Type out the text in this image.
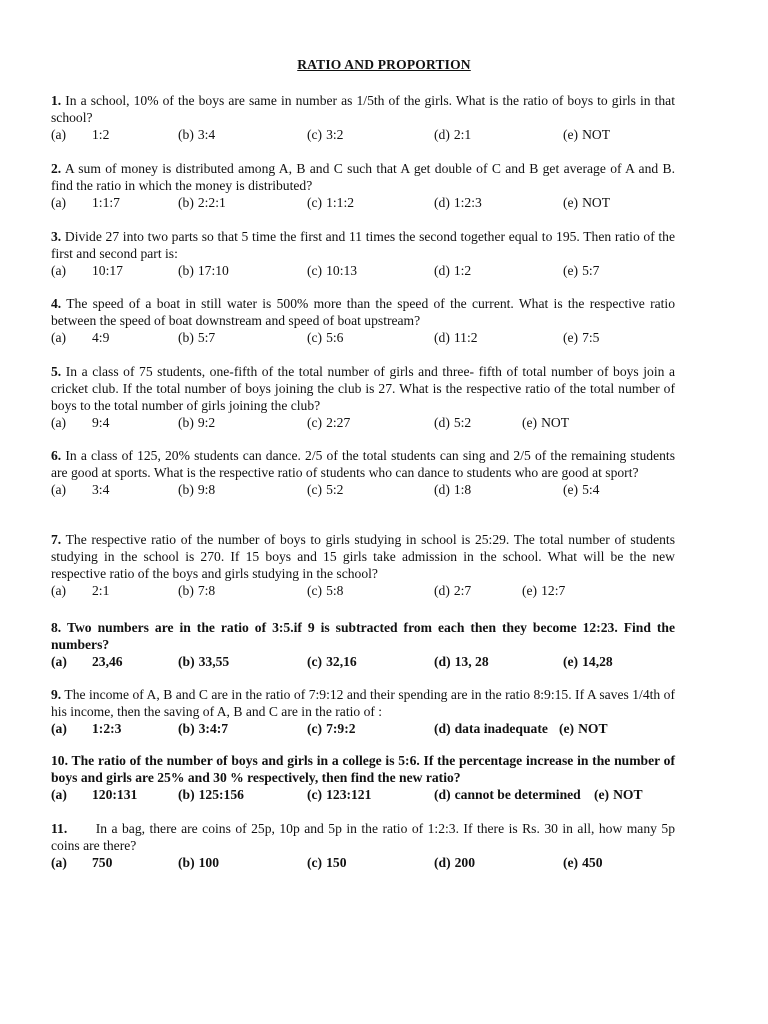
RATIO AND PROPORTION
1. In a school, 10% of the boys are same in number as 1/5th of the girls. What is the ratio of boys to girls in that school?
(a) 1:2	(b) 3:4	(c) 3:2	(d) 2:1	(e) NOT
2. A sum of money is distributed among A, B and C such that A get double of C and B get average of A and B. find the ratio in which the money is distributed?
(a) 1:1:7	(b) 2:2:1	(c) 1:1:2	(d) 1:2:3	(e) NOT
3. Divide 27 into two parts so that 5 time the first and 11 times the second together equal to 195. Then ratio of the first and second part is:
(a) 10:17	(b) 17:10	(c) 10:13	(d) 1:2	(e) 5:7
4. The speed of a boat in still water is 500% more than the speed of the current. What is the respective ratio between the speed of boat downstream and speed of boat upstream?
(a) 4:9	(b) 5:7	(c) 5:6	(d) 11:2	(e) 7:5
5. In a class of 75 students, one-fifth of the total number of girls and three- fifth of total number of boys join a cricket club. If the total number of boys joining the club is 27. What is the respective ratio of the total number of boys to the total number of girls joining the club?
(a) 9:4	(b) 9:2	(c) 2:27	(d) 5:2	(e) NOT
6. In a class of 125, 20% students can dance. 2/5 of the total students can sing and 2/5 of the remaining students are good at sports. What is the respective ratio of students who can dance to students who are good at sport?
(a) 3:4	(b) 9:8	(c) 5:2	(d) 1:8	(e) 5:4
7. The respective ratio of the number of boys to girls studying in school is 25:29. The total number of students studying in the school is 270. If 15 boys and 15 girls take admission in the school. What will be the new respective ratio of the boys and girls studying in the school?
(a) 2:1	(b) 7:8	(c) 5:8	(d) 2:7	(e) 12:7
8. Two numbers are in the ratio of 3:5.if 9 is subtracted from each then they become 12:23. Find the numbers?
(a) 23,46	(b) 33,55	(c) 32,16	(d) 13, 28	(e) 14,28
9. The income of A, B and C are in the ratio of 7:9:12 and their spending are in the ratio 8:9:15. If A saves 1/4th of his income, then the saving of A, B and C are in the ratio of :
(a) 1:2:3	(b) 3:4:7	(c) 7:9:2	(d) data inadequate (e) NOT
10. The ratio of the number of boys and girls in a college is 5:6. If the percentage increase in the number of boys and girls are 25% and 30 % respectively, then find the new ratio?
(a) 120:131	(b) 125:156	(c) 123:121	(d) cannot be determined (e) NOT
11. In a bag, there are coins of 25p, 10p and 5p in the ratio of 1:2:3. If there is Rs. 30 in all, how many 5p coins are there?
(a) 750	(b) 100	(c) 150	(d) 200	(e) 450
